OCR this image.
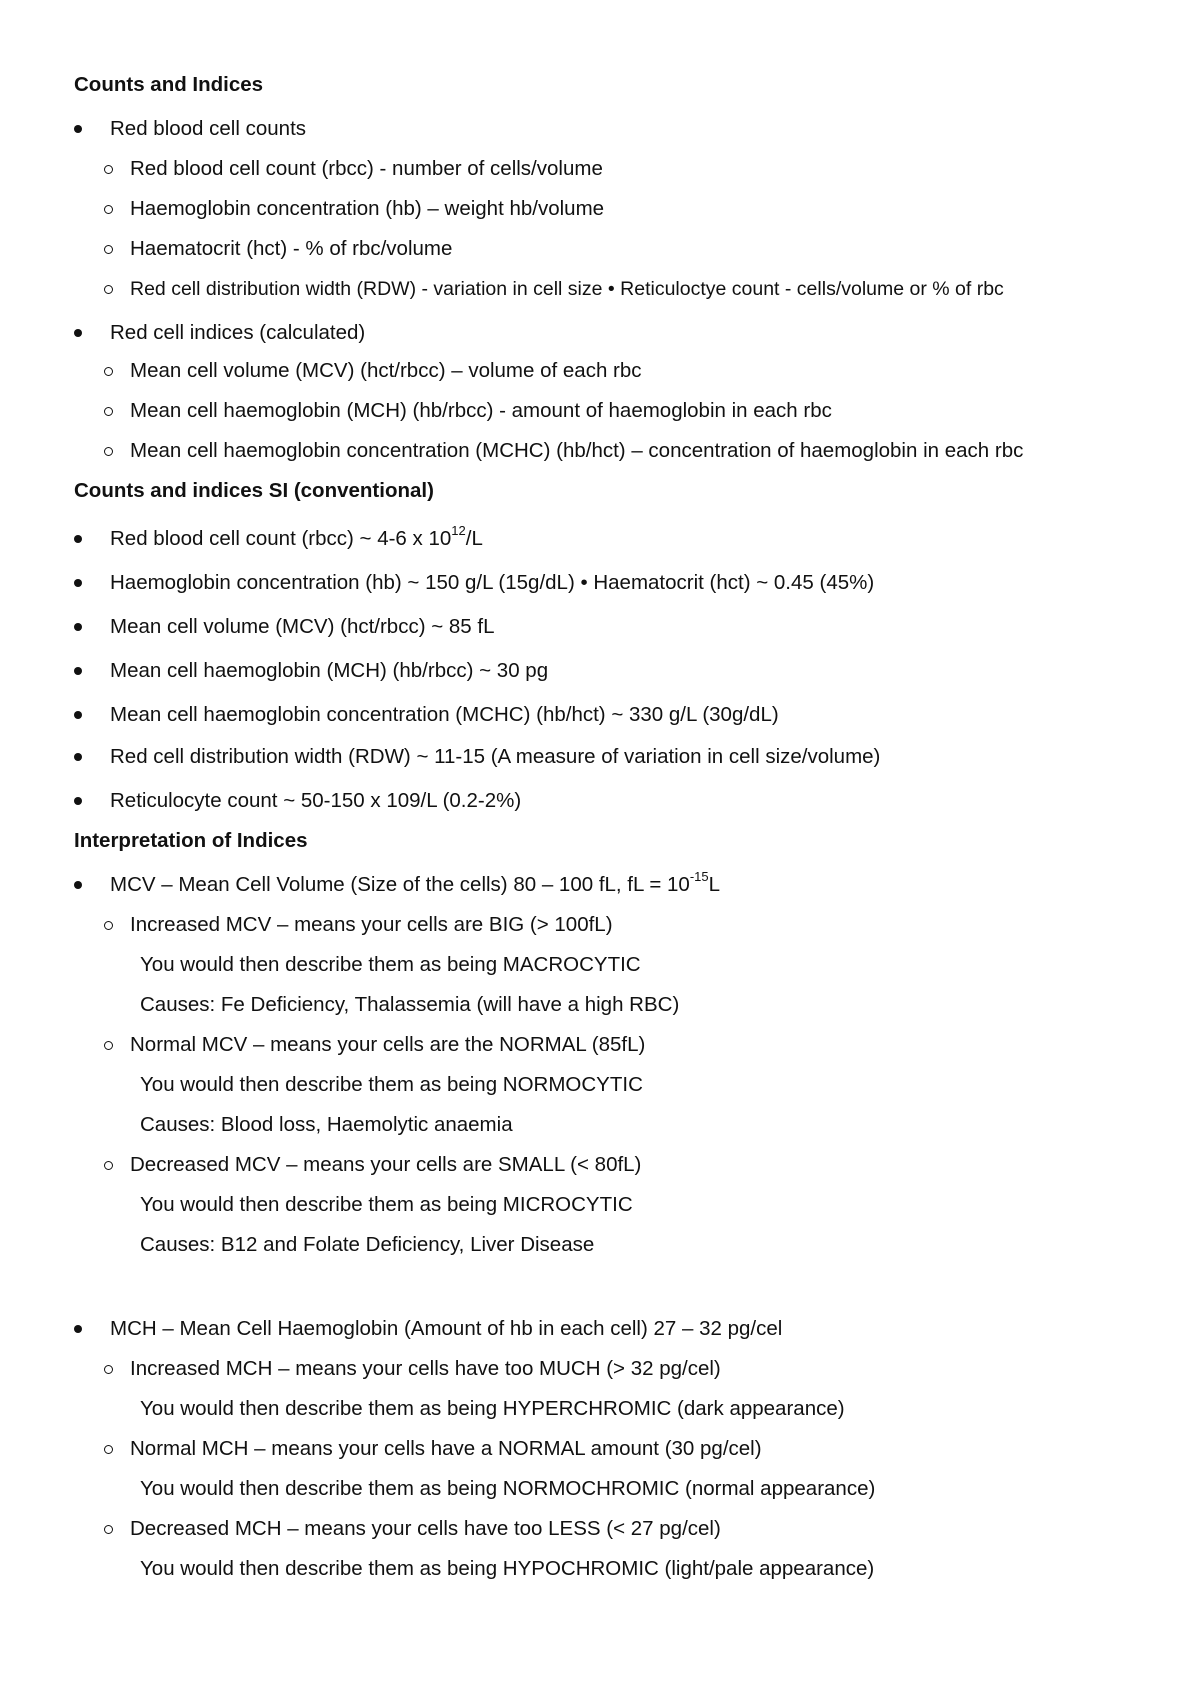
Counts and Indices
Red blood cell counts
Red blood cell count (rbcc) - number of cells/volume
Haemoglobin concentration (hb) – weight hb/volume
Haematocrit (hct) - % of rbc/volume
Red cell distribution width (RDW) - variation in cell size • Reticuloctye count - cells/volume or % of rbc
Red cell indices (calculated)
Mean cell volume (MCV) (hct/rbcc) – volume of each rbc
Mean cell haemoglobin (MCH) (hb/rbcc) - amount of haemoglobin in each rbc
Mean cell haemoglobin concentration (MCHC) (hb/hct) – concentration of haemoglobin in each rbc
Counts and indices SI (conventional)
Red blood cell count (rbcc) ~ 4-6 x $10^{12}/L$
Haemoglobin concentration (hb) ~ 150 g/L (15g/dL) • Haematocrit (hct) ~ 0.45 (45%)
Mean cell volume (MCV) (hct/rbcc) ~ 85 fL
Mean cell haemoglobin (MCH) (hb/rbcc) ~ 30 pg
Mean cell haemoglobin concentration (MCHC) (hb/hct) ~ 330 g/L (30g/dL)
Red cell distribution width (RDW) ~ 11-15 (A measure of variation in cell size/volume)
Reticulocyte count ~ 50-150 x 109/L (0.2-2%)
Interpretation of Indices
MCV – Mean Cell Volume (Size of the cells) 80 – 100 fL, fL = $10^{-15}L$
Increased MCV – means your cells are BIG (> 100fL)
You would then describe them as being MACROCYTIC
Causes: Fe Deficiency, Thalassemia (will have a high RBC)
Normal MCV – means your cells are the NORMAL (85fL)
You would then describe them as being NORMOCYTIC
Causes: Blood loss, Haemolytic anaemia
Decreased MCV – means your cells are SMALL (< 80fL)
You would then describe them as being MICROCYTIC
Causes: B12 and Folate Deficiency, Liver Disease
MCH – Mean Cell Haemoglobin (Amount of hb in each cell) 27 – 32 pg/cel
Increased MCH – means your cells have too MUCH (> 32 pg/cel)
You would then describe them as being HYPERCHROMIC (dark appearance)
Normal MCH – means your cells have a NORMAL amount (30 pg/cel)
You would then describe them as being NORMOCHROMIC (normal appearance)
Decreased MCH – means your cells have too LESS (< 27 pg/cel)
You would then describe them as being HYPOCHROMIC (light/pale appearance)
